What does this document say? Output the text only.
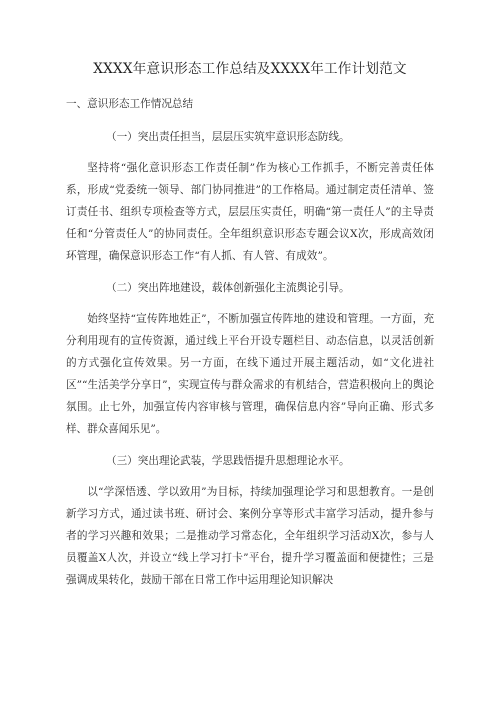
XXXX年意识形态工作总结及XXXX年工作计划范文
一、意识形态工作情况总结
（一）突出责任担当，层层压实筑牢意识形态防线。

坚持将“强化意识形态工作责任制”作为核心工作抓手，不断完善责任体系，形成“党委统一领导、部门协同推进”的工作格局。通过制定责任清单、签订责任书、组织专项检查等方式，层层压实责任，明确“第一责任人”的主导责任和“分管责任人”的协同责任。全年组织意识形态专题会议X次，形成高效闭环管理，确保意识形态工作“有人抓、有人管、有成效”。

（二）突出阵地建设，载体创新强化主流舆论引导。

始终坚持“宣传阵地姓正”，不断加强宣传阵地的建设和管理。一方面，充分利用现有的宣传资源，通过线上平台开设专题栏目、动态信息，以灵活创新的方式强化宣传效果。另一方面，在线下通过开展主题活动，如“文化进社区”“生活美学分享日”，实现宣传与群众需求的有机结合，营造积极向上的舆论氛围。止七外，加强宣传内容审核与管理，确保信息内容”导向正确、形式多样、群众喜闻乐见”。

（三）突出理论武装，学思践悟提升思想理论水平。

以“学深悟透、学以致用”为目标，持续加强理论学习和思想教育。一是创新学习方式，通过读书班、研讨会、案例分享等形式丰富学习活动，提升参与者的学习兴趣和效果；二是推动学习常态化，全年组织学习活动X次，参与人员覆盖X人次，并设立“线上学习打卡”平台，提升学习覆盖面和便捷性；三是强调成果转化，鼓励干部在日常工作中运用理论知识解决
